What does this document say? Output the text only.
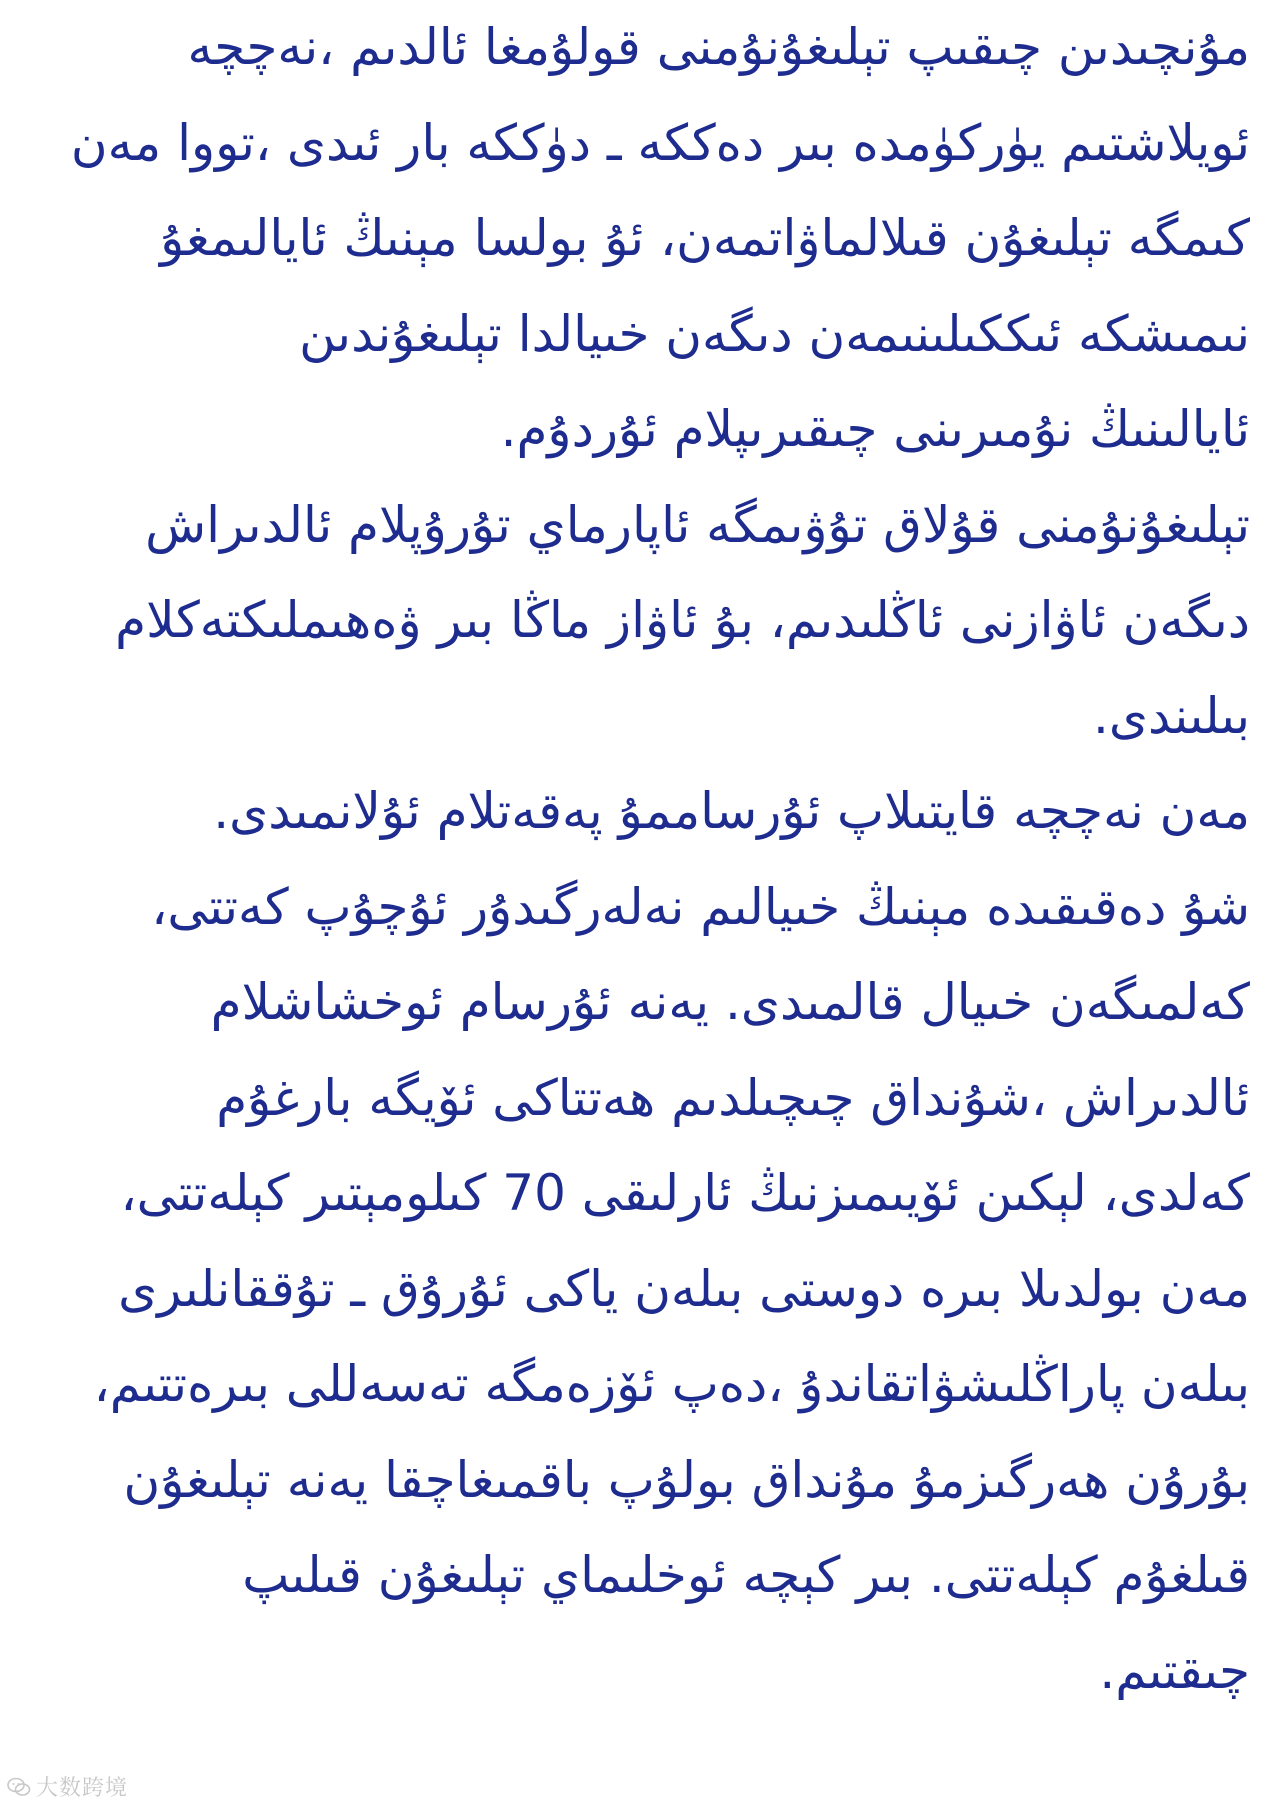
مۇنچىدىن چىقىپ تېلىغۇنۇمنى قولۇمغا ئالدىم ،نەچچە
ئويلاشتىم يۈركۈمدە بىر دەككە ـ دۈككە بار ئىدى ،تووا مەن
كىمگە تېلىغۇن قىلالماۋاتمەن، ئۇ بولسا مېنىڭ ئايالىمغۇ
نىمىشكە ئىككىلىنىمەن دىگەن خىيالدا تېلىغۇندىن
ئايالىنىڭ نۇمىرىنى چىقىرىپلام ئۇردۇم.
تېلىغۇنۇمنى قۇلاق تۇۋىمگە ئاپارماي تۇرۇپلام ئالدىراش
دىگەن ئاۋازنى ئاڭلىدىم، بۇ ئاۋاز ماڭا بىر ۋەھىملىكتەكلام
بىلىندى.
مەن نەچچە قايتىلاپ ئۇرساممۇ پەقەتلام ئۇلانمىدى.
شۇ دەقىقىدە مېنىڭ خىيالىم نەلەرگىدۇر ئۇچۇپ كەتتى،
كەلمىگەن خىيال قالمىدى. يەنە ئۇرسام ئوخشاشلام
ئالدىراش ،شۇنداق چىچىلدىم ھەتتاكى ئۆيگە بارغۇم
كەلدى، لېكىن ئۆيىمىزنىڭ ئارلىقى 70 كىلومېتىر كېلەتتى،
مەن بولدىلا بىرە دوستى بىلەن ياكى ئۇرۇق ـ تۇققانلىرى
بىلەن پاراڭلىشۋاتقاندۇ ،دەپ ئۆزەمگە تەسەللى بىرەتتىم،
بۇرۇن ھەرگىزمۇ مۇنداق بولۇپ باقمىغاچقا يەنە تېلىغۇن
قىلغۇم كېلەتتى. بىر كېچە ئوخلىماي تېلىغۇن قىلىپ
چىقتىم.
大数跨境
